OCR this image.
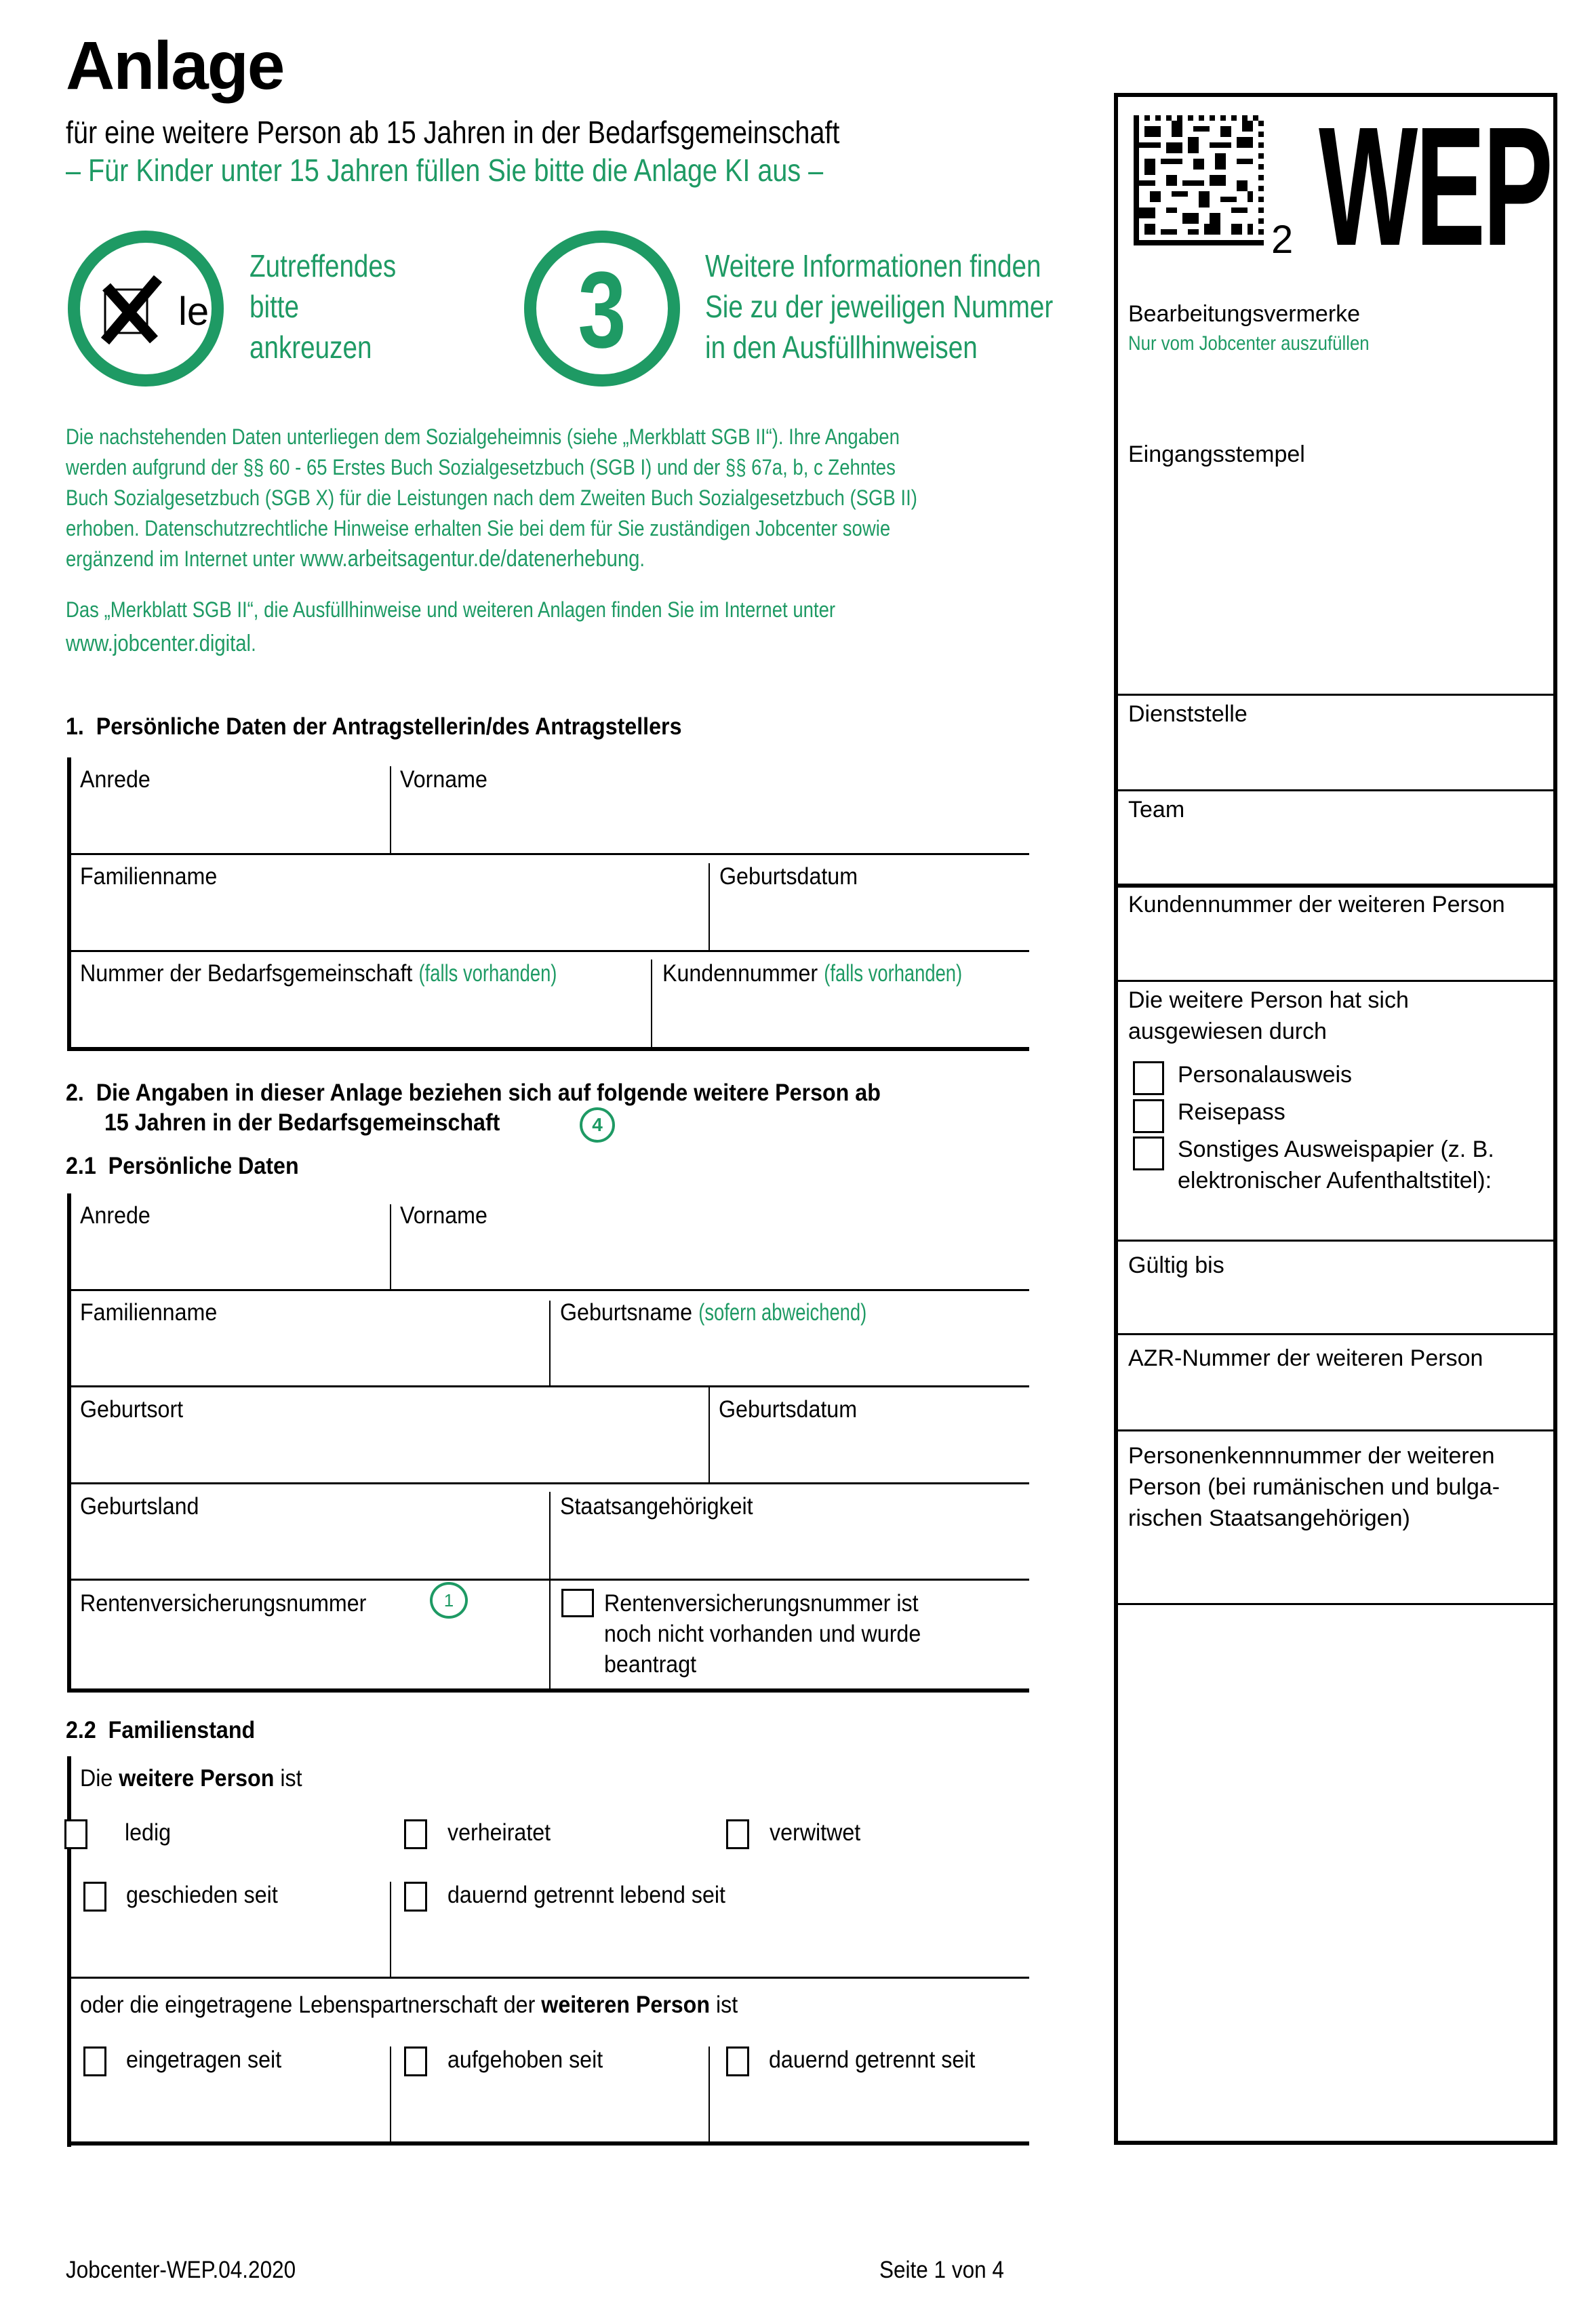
Anlage
für eine weitere Person ab 15 Jahren in der Bedarfsgemeinschaft
– Für Kinder unter 15 Jahren füllen Sie bitte die Anlage KI aus –
le
Zutreffendes
bitte
ankreuzen	3	Weitere Informationen finden
Sie zu der jeweiligen Nummer
in den Ausfüllhinweisen
Die nachstehenden Daten unterliegen dem Sozialgeheimnis (siehe „Merkblatt SGB II“). Ihre Angaben
werden aufgrund der §§ 60 - 65 Erstes Buch Sozialgesetzbuch (SGB I) und der §§ 67a, b, c Zehntes
Buch Sozialgesetzbuch (SGB X) für die Leistungen nach dem Zweiten Buch Sozialgesetzbuch (SGB II)
erhoben. Datenschutzrechtliche Hinweise erhalten Sie bei dem für Sie zuständigen Jobcenter sowie
ergänzend im Internet unter www.arbeitsagentur.de/datenerhebung.
Das „Merkblatt SGB II“, die Ausfüllhinweise und weiteren Anlagen finden Sie im Internet unter
www.jobcenter.digital.
1. Persönliche Daten der Antragstellerin/des Antragstellers
Anrede	Vorname
Familienname	Geburtsdatum
Nummer der Bedarfsgemeinschaft (falls vorhanden)	Kundennummer (falls vorhanden)
2. Die Angaben in dieser Anlage beziehen sich auf folgende weitere Person ab
15 Jahren in der Bedarfsgemeinschaft	4
2.1 Persönliche Daten
Anrede	Vorname
Familienname	Geburtsname (sofern abweichend)
Geburtsort	Geburtsdatum
Geburtsland	Staatsangehörigkeit
Rentenversicherungsnummer	1	Rentenversicherungsnummer ist
noch nicht vorhanden und wurde
beantragt
2.2 Familienstand
Die weitere Person ist
ledig	verheiratet	verwitwet
geschieden seit	dauernd getrennt lebend seit
oder die eingetragene Lebenspartnerschaft der weiteren Person ist
eingetragen seit	aufgehoben seit	dauernd getrennt seit
Jobcenter-WEP.04.2020	Seite 1 von 4
2 WEP
Bearbeitungsvermerke
Nur vom Jobcenter auszufüllen
Eingangsstempel
Dienststelle
Team
Kundennummer der weiteren Person
Die weitere Person hat sich
ausgewiesen durch
Personalausweis
Reisepass
Sonstiges Ausweispapier (z. B.
elektronischer Aufenthaltstitel):
Gültig bis
AZR-Nummer der weiteren Person
Personenkennnummer der weiteren
Person (bei rumänischen und bulga-
rischen Staatsangehörigen)
